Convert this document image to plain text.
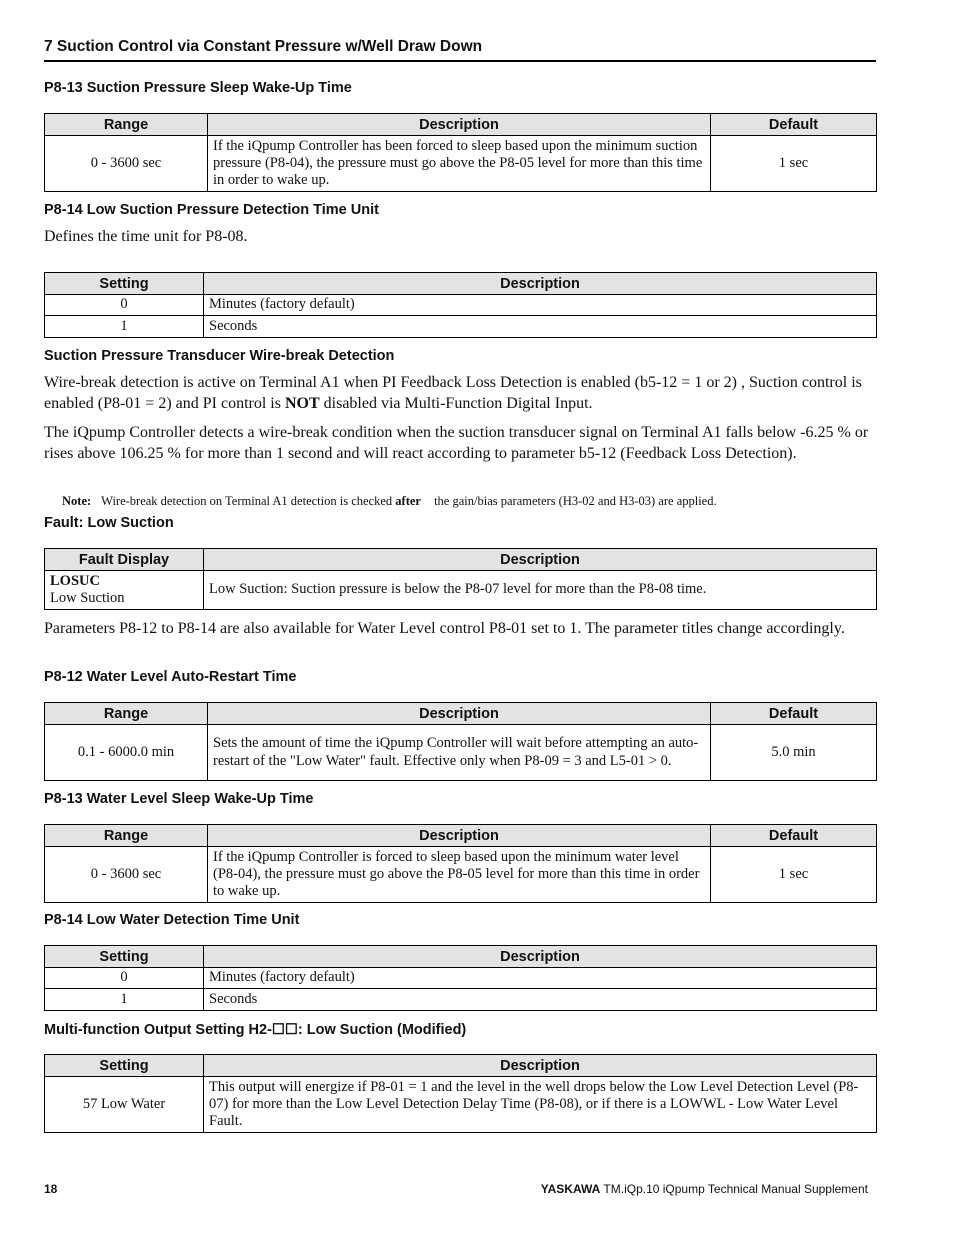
7 Suction Control via Constant Pressure w/Well Draw Down
P8-13 Suction Pressure Sleep Wake-Up Time
Range	Description	Default
0 - 3600 sec	If the iQpump Controller has been forced to sleep based upon the minimum suction pressure (P8-04), the pressure must go above the P8-05 level for more than this time in order to wake up.	1 sec
P8-14 Low Suction Pressure Detection Time Unit
Defines the time unit for P8-08.
Setting	Description
0	Minutes (factory default)
1	Seconds
Suction Pressure Transducer Wire-break Detection
Wire-break detection is active on Terminal A1 when PI Feedback Loss Detection is enabled (b5-12 = 1 or 2) , Suction control is enabled (P8-01 = 2) and PI control is NOT disabled via Multi-Function Digital Input.
The iQpump Controller detects a wire-break condition when the suction transducer signal on Terminal A1 falls below -6.25 % or rises above 106.25 % for more than 1 second and will react according to parameter b5-12 (Feedback Loss Detection).
Note: Wire-break detection on Terminal A1 detection is checked after the gain/bias parameters (H3-02 and H3-03) are applied.
Fault: Low Suction
Fault Display	Description
LOSUC
Low Suction	Low Suction: Suction pressure is below the P8-07 level for more than the P8-08 time.
Parameters P8-12 to P8-14 are also available for Water Level control P8-01 set to 1. The parameter titles change accordingly.
P8-12 Water Level Auto-Restart Time
Range	Description	Default
0.1 - 6000.0 min	Sets the amount of time the iQpump Controller will wait before attempting an auto-restart of the "Low Water" fault. Effective only when P8-09 = 3 and L5-01 > 0.	5.0 min
P8-13 Water Level Sleep Wake-Up Time
Range	Description	Default
0 - 3600 sec	If the iQpump Controller is forced to sleep based upon the minimum water level (P8-04), the pressure must go above the P8-05 level for more than this time in order to wake up.	1 sec
P8-14 Low Water Detection Time Unit
Setting	Description
0	Minutes (factory default)
1	Seconds
Multi-function Output Setting H2-☐☐: Low Suction (Modified)
Setting	Description
57 Low Water	This output will energize if P8-01 = 1 and the level in the well drops below the Low Level Detection Level (P8-07) for more than the Low Level Detection Delay Time (P8-08), or if there is a LOWWL - Low Water Level Fault.
18	YASKAWA TM.iQp.10 iQpump Technical Manual Supplement
